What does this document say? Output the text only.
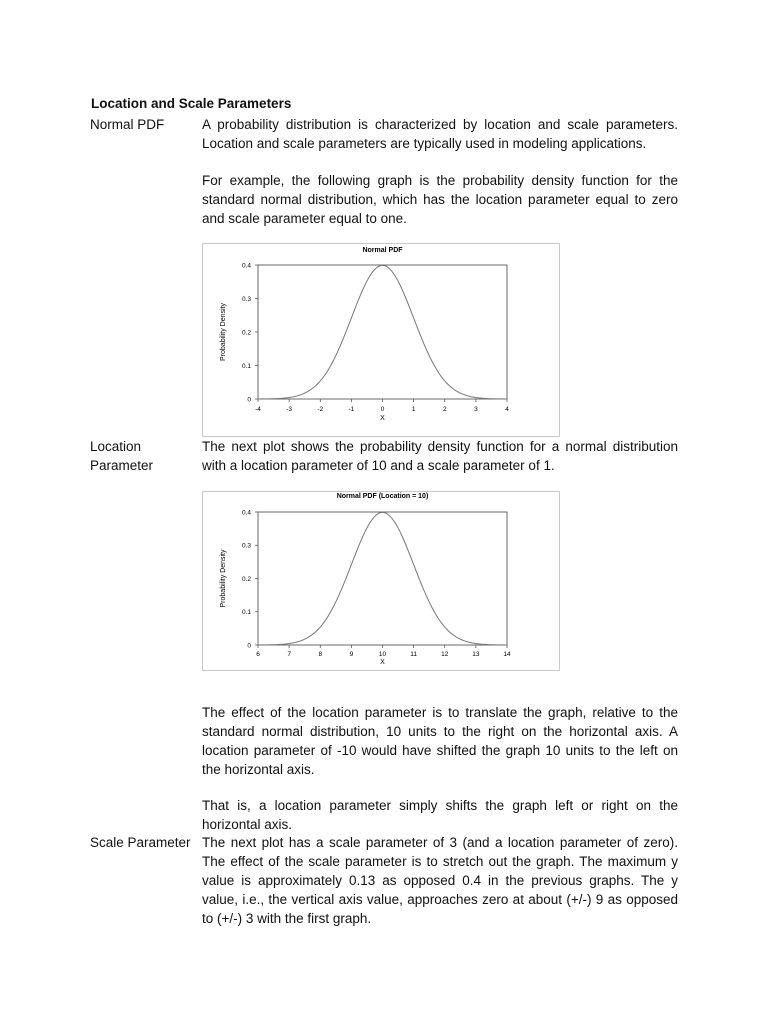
Location and Scale Parameters
Normal PDF	A probability distribution is characterized by location and scale parameters. Location and scale parameters are typically used in modeling applications.
For example, the following graph is the probability density function for the standard normal distribution, which has the location parameter equal to zero and scale parameter equal to one.
Normal PDF
-4	-3	-2	-1	0	1	2	3	4
0
0.1
0.2
0.3
0.4
X
Probability Density
Location Parameter
The next plot shows the probability density function for a normal distribution with a location parameter of 10 and a scale parameter of 1.
Normal PDF (Location = 10)
6	7	8	9	10	11	12	13	14
0
0.1
0.2
0.3
0.4
X
Probability Density
The effect of the location parameter is to translate the graph, relative to the standard normal distribution, 10 units to the right on the horizontal axis. A location parameter of -10 would have shifted the graph 10 units to the left on the horizontal axis.
That is, a location parameter simply shifts the graph left or right on the horizontal axis.
Scale Parameter The next plot has a scale parameter of 3 (and a location parameter of zero). The effect of the scale parameter is to stretch out the graph. The maximum y value is approximately 0.13 as opposed 0.4 in the previous graphs. The y value, i.e., the vertical axis value, approaches zero at about (+/-) 9 as opposed to (+/-) 3 with the first graph.
